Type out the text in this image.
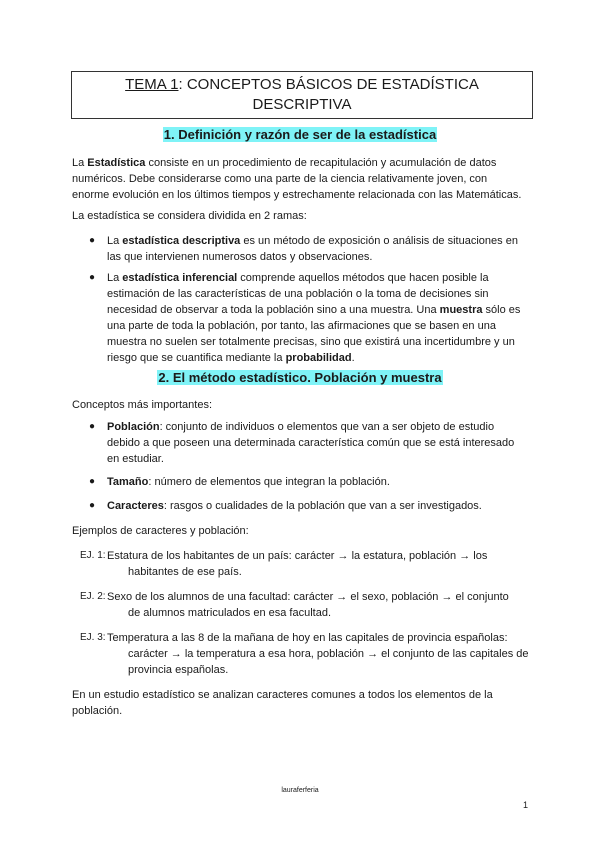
TEMA 1: CONCEPTOS BÁSICOS DE ESTADÍSTICA
DESCRIPTIVA
1. Definición y razón de ser de la estadística
La Estadística consiste en un procedimiento de recapitulación y acumulación de datos
numéricos. Debe considerarse como una parte de la ciencia relativamente joven, con
enorme evolución en los últimos tiempos y estrechamente relacionada con las Matemáticas.
La estadística se considera dividida en 2 ramas:
● La estadística descriptiva es un método de exposición o análisis de situaciones en
las que intervienen numerosos datos y observaciones.
● La estadística inferencial comprende aquellos métodos que hacen posible la
estimación de las características de una población o la toma de decisiones sin
necesidad de observar a toda la población sino a una muestra. Una muestra sólo es
una parte de toda la población, por tanto, las afirmaciones que se basen en una
muestra no suelen ser totalmente precisas, sino que existirá una incertidumbre y un
riesgo que se cuantifica mediante la probabilidad.
2. El método estadístico. Población y muestra
Conceptos más importantes:
● Población: conjunto de individuos o elementos que van a ser objeto de estudio
debido a que poseen una determinada característica común que se está interesado
en estudiar.
● Tamaño: número de elementos que integran la población.
● Caracteres: rasgos o cualidades de la población que van a ser investigados.
Ejemplos de caracteres y población:
EJ. 1: Estatura de los habitantes de un país: carácter → la estatura, población → los
habitantes de ese país.
EJ. 2: Sexo de los alumnos de una facultad: carácter → el sexo, población → el conjunto
de alumnos matriculados en esa facultad.
EJ. 3: Temperatura a las 8 de la mañana de hoy en las capitales de provincia españolas:
carácter → la temperatura a esa hora, población → el conjunto de las capitales de
provincia españolas.
En un estudio estadístico se analizan caracteres comunes a todos los elementos de la
población.
lauraferferia
1
